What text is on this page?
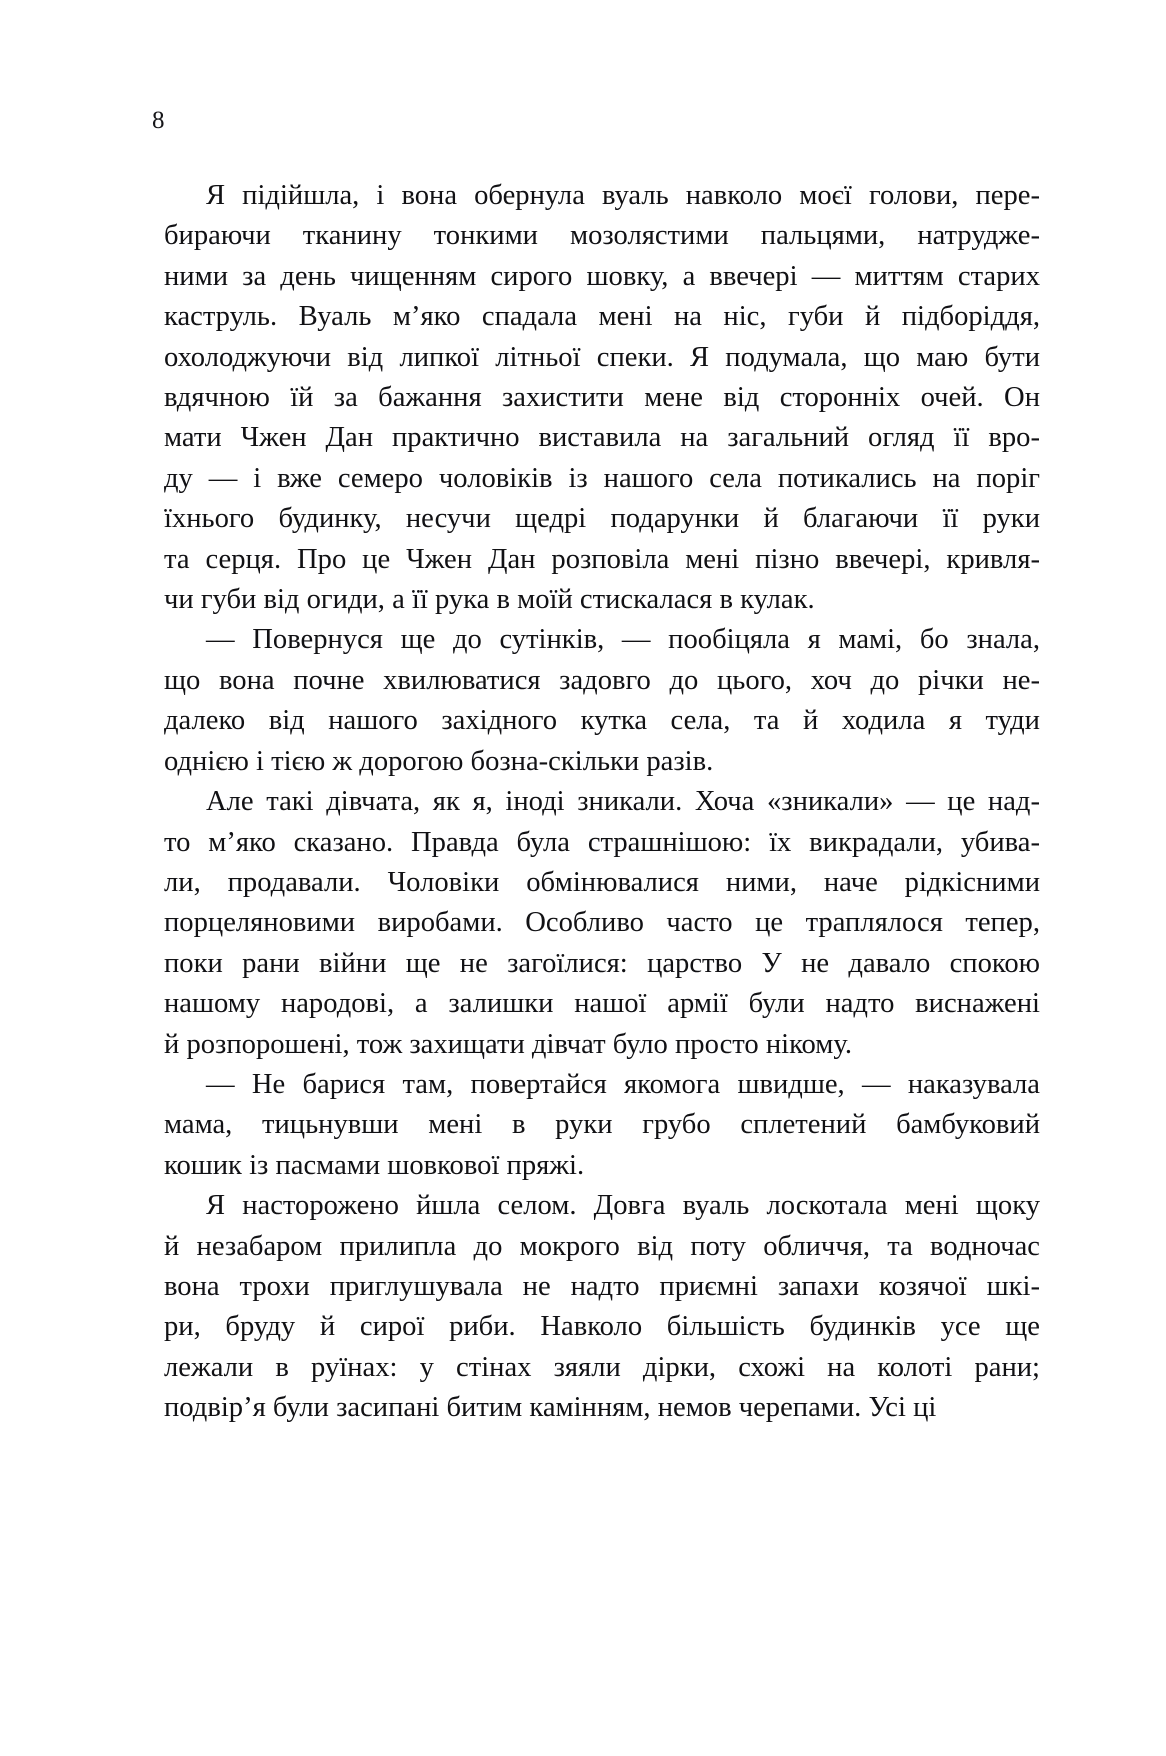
8

Я підійшла, і вона обернула вуаль навколо моєї голови, пере-
бираючи тканину тонкими мозолястими пальцями, натрудже-
ними за день чищенням сирого шовку, а ввечері — миттям старих
каструль. Вуаль м’яко спадала мені на ніс, губи й підборіддя,
охолоджуючи від липкої літньої спеки. Я подумала, що маю бути
вдячною їй за бажання захистити мене від сторонніх очей. Он
мати Чжен Дан практично виставила на загальний огляд її вро-
ду — і вже семеро чоловіків із нашого села потикались на поріг
їхнього будинку, несучи щедрі подарунки й благаючи її руки
та серця. Про це Чжен Дан розповіла мені пізно ввечері, кривля-
чи губи від огиди, а її рука в моїй стискалася в кулак.

— Повернуся ще до сутінків, — пообіцяла я мамі, бо знала,
що вона почне хвилюватися задовго до цього, хоч до річки не-
далеко від нашого західного кутка села, та й ходила я туди
однією і тією ж дорогою бозна-скільки разів.

Але такі дівчата, як я, іноді зникали. Хоча «зникали» — це над-
то м’яко сказано. Правда була страшнішою: їх викрадали, убива-
ли, продавали. Чоловіки обмінювалися ними, наче рідкісними
порцеляновими виробами. Особливо часто це траплялося тепер,
поки рани війни ще не загоїлися: царство У не давало спокою
нашому народові, а залишки нашої армії були надто виснажені
й розпорошені, тож захищати дівчат було просто нікому.

— Не барися там, повертайся якомога швидше, — наказувала
мама, тицьнувши мені в руки грубо сплетений бамбуковий
кошик із пасмами шовкової пряжі.

Я насторожено йшла селом. Довга вуаль лоскотала мені щоку
й незабаром прилипла до мокрого від поту обличчя, та водночас
вона трохи приглушувала не надто приємні запахи козячої шкі-
ри, бруду й сирої риби. Навколо більшість будинків усе ще
лежали в руїнах: у стінах зяяли дірки, схожі на колоті рани;
подвір’я були засипані битим камінням, немов черепами. Усі ці
